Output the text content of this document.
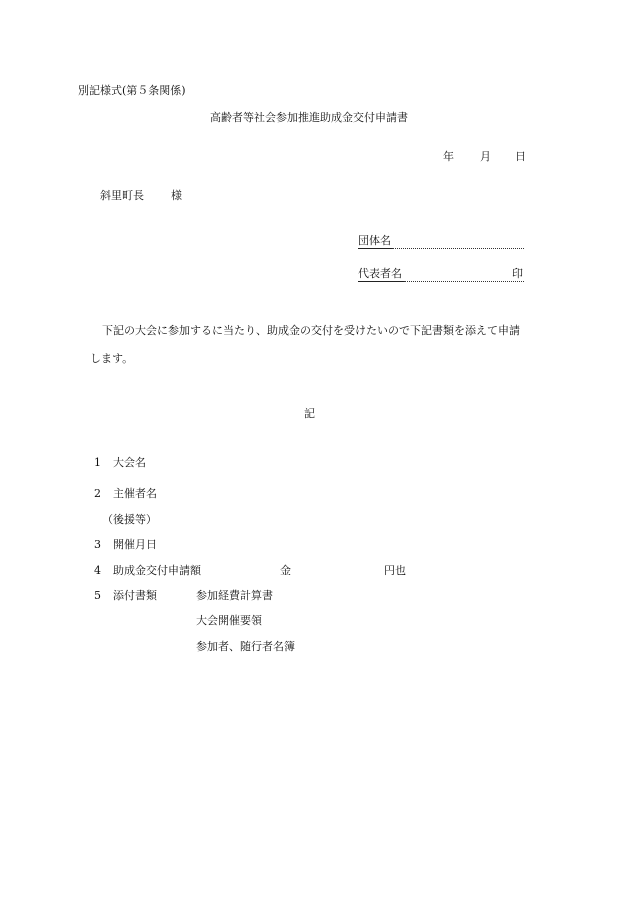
別記様式(第５条関係)
高齢者等社会参加推進助成金交付申請書
年 月 日
斜里町長 様
団体名
代表者名	印
下記の大会に参加するに当たり、助成金の交付を受けたいので下記書類を添えて申請
します。
記
1 大会名
2 主催者名
（後援等）
3 開催月日
4 助成金交付申請額	金	円也
5 添付書類	参加経費計算書
大会開催要領
参加者、随行者名簿
